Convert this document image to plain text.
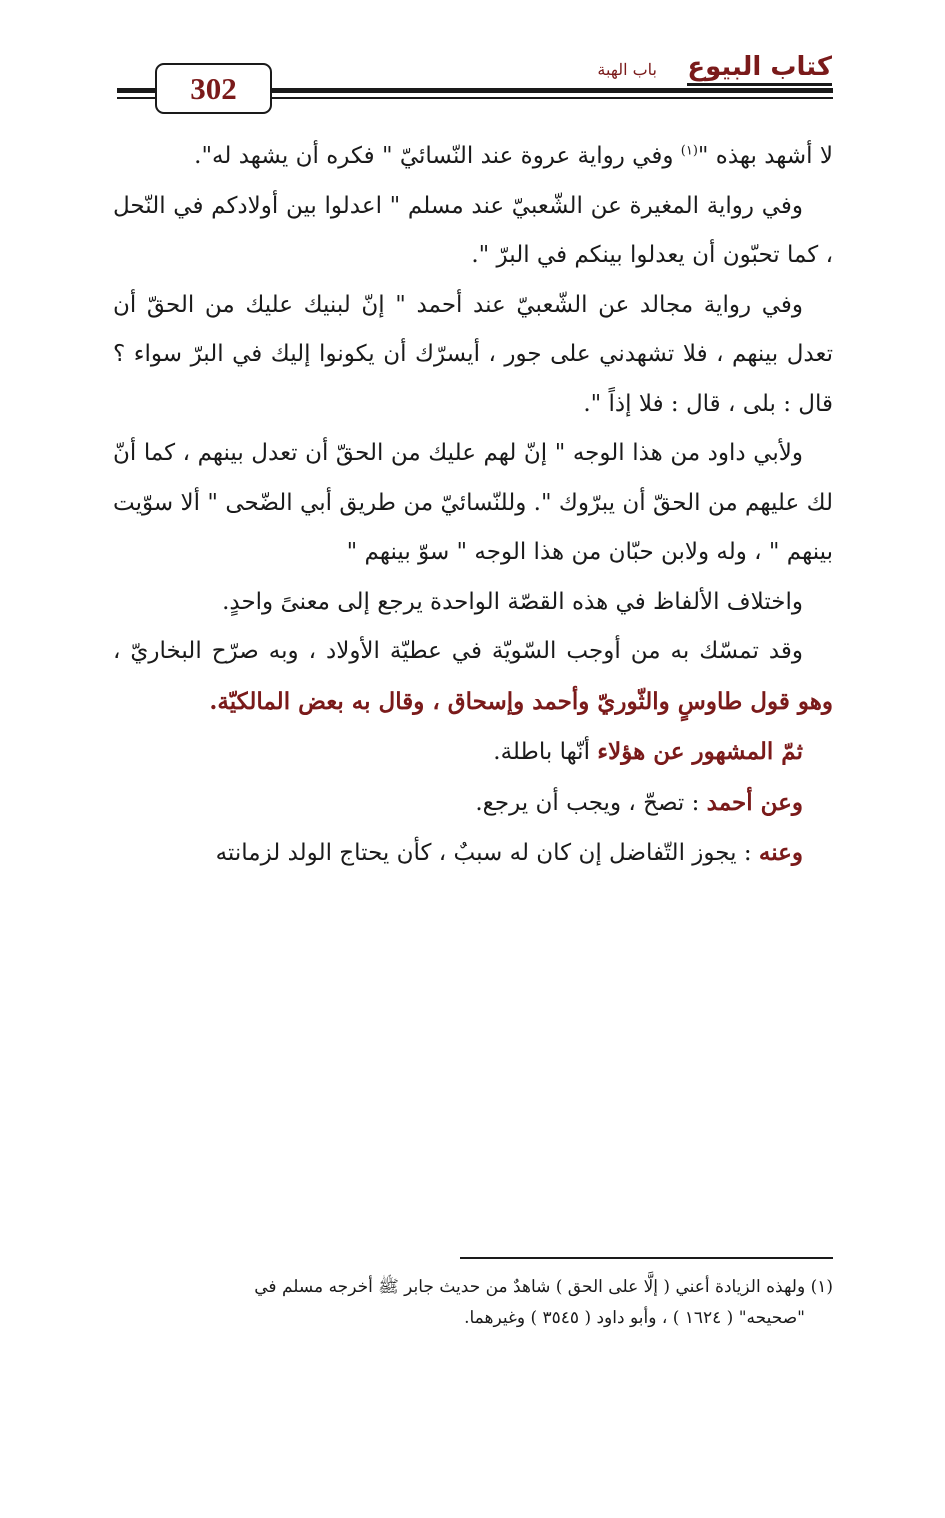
302
كتاب البيوع
باب الهبة

لا أشهد بهذه "$^{(١)}$ وفي رواية عروة عند النّسائيّ " فكره أن يشهد له".

وفي رواية المغيرة عن الشّعبيّ عند مسلم " اعدلوا بين أولادكم في النّحل ، كما تحبّون أن يعدلوا بينكم في البرّ ".

وفي رواية مجالد عن الشّعبيّ عند أحمد " إنّ لبنيك عليك من الحقّ أن تعدل بينهم ، فلا تشهدني على جور ، أيسرّك أن يكونوا إليك في البرّ سواء ؟ قال : بلى ، قال : فلا إذاً ".

ولأبي داود من هذا الوجه " إنّ لهم عليك من الحقّ أن تعدل بينهم ، كما أنّ لك عليهم من الحقّ أن يبرّوك ". وللنّسائيّ من طريق أبي الضّحى " ألا سوّيت بينهم " ، وله ولابن حبّان من هذا الوجه " سوّ بينهم "

واختلاف الألفاظ في هذه القصّة الواحدة يرجع إلى معنىً واحدٍ.

وقد تمسّك به من أوجب السّويّة في عطيّة الأولاد ، وبه صرّح البخاريّ ، وهو قول طاوسٍ والثّوريّ وأحمد وإسحاق ، وقال به بعض المالكيّة.

ثمّ المشهور عن هؤلاء أنّها باطلة.

وعن أحمد : تصحّ ، ويجب أن يرجع.

وعنه : يجوز التّفاضل إن كان له سببٌ ، كأن يحتاج الولد لزمانته

(١) ولهذه الزيادة أعني ( إلَّا على الحق ) شاهدٌ من حديث جابر ﷺ أخرجه مسلم في

"صحيحه" ( ١٦٢٤ ) ، وأبو داود ( ٣٥٤٥ ) وغيرهما.
